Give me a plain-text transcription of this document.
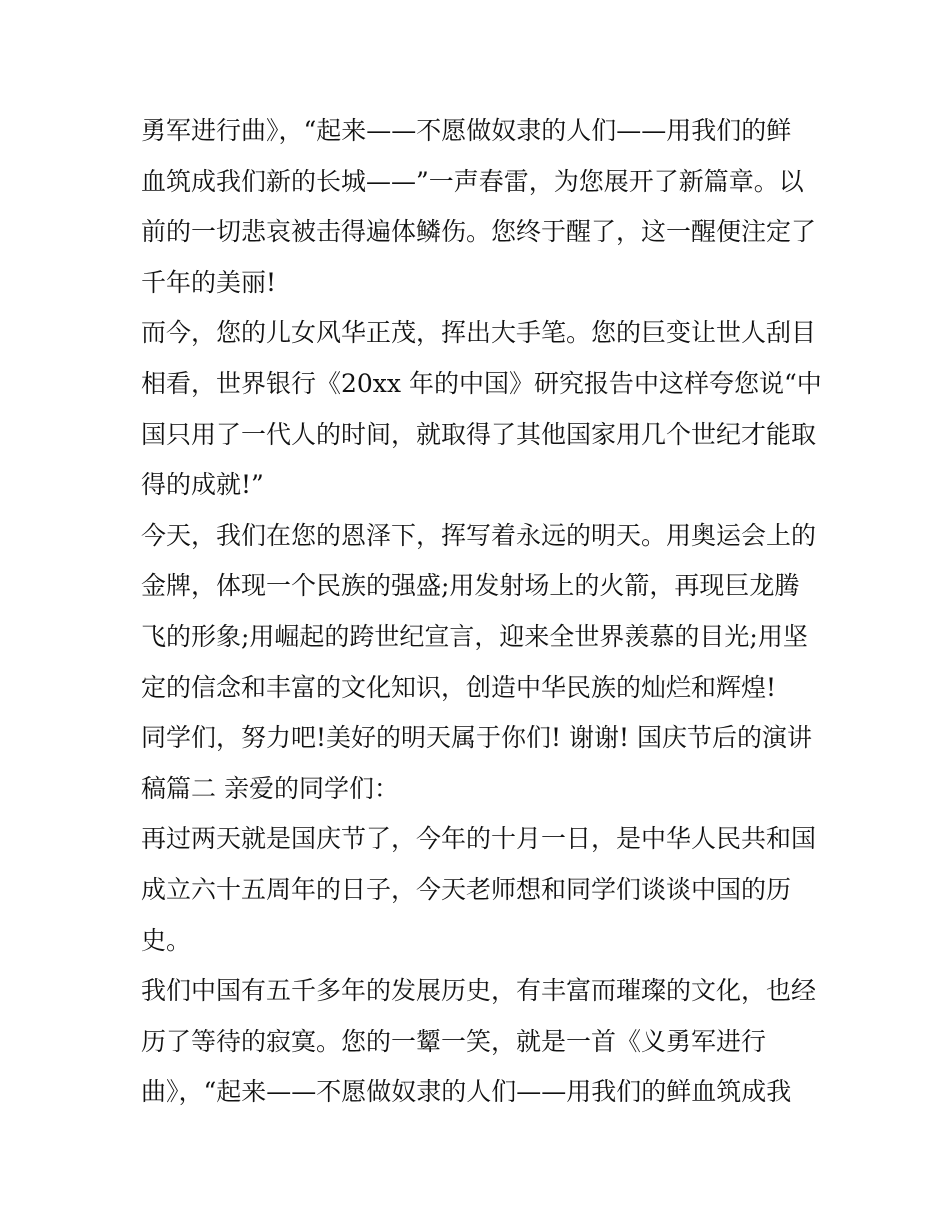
勇军进行曲》，“起来——不愿做奴隶的人们——用我们的鲜
血筑成我们新的长城——”一声春雷，为您展开了新篇章。以
前的一切悲哀被击得遍体鳞伤。您终于醒了，这一醒便注定了
千年的美丽!
而今，您的儿女风华正茂，挥出大手笔。您的巨变让世人刮目
相看，世界银行《20xx 年的中国》研究报告中这样夸您说“中
国只用了一代人的时间，就取得了其他国家用几个世纪才能取
得的成就!”
今天，我们在您的恩泽下，挥写着永远的明天。用奥运会上的
金牌，体现一个民族的强盛;用发射场上的火箭，再现巨龙腾
飞的形象;用崛起的跨世纪宣言，迎来全世界羡慕的目光;用坚
定的信念和丰富的文化知识，创造中华民族的灿烂和辉煌!
同学们，努力吧!美好的明天属于你们! 谢谢! 国庆节后的演讲
稿篇二 亲爱的同学们：
再过两天就是国庆节了，今年的十月一日，是中华人民共和国
成立六十五周年的日子，今天老师想和同学们谈谈中国的历
史。
我们中国有五千多年的发展历史，有丰富而璀璨的文化，也经
历了等待的寂寞。您的一颦一笑，就是一首《义勇军进行
曲》，“起来——不愿做奴隶的人们——用我们的鲜血筑成我
